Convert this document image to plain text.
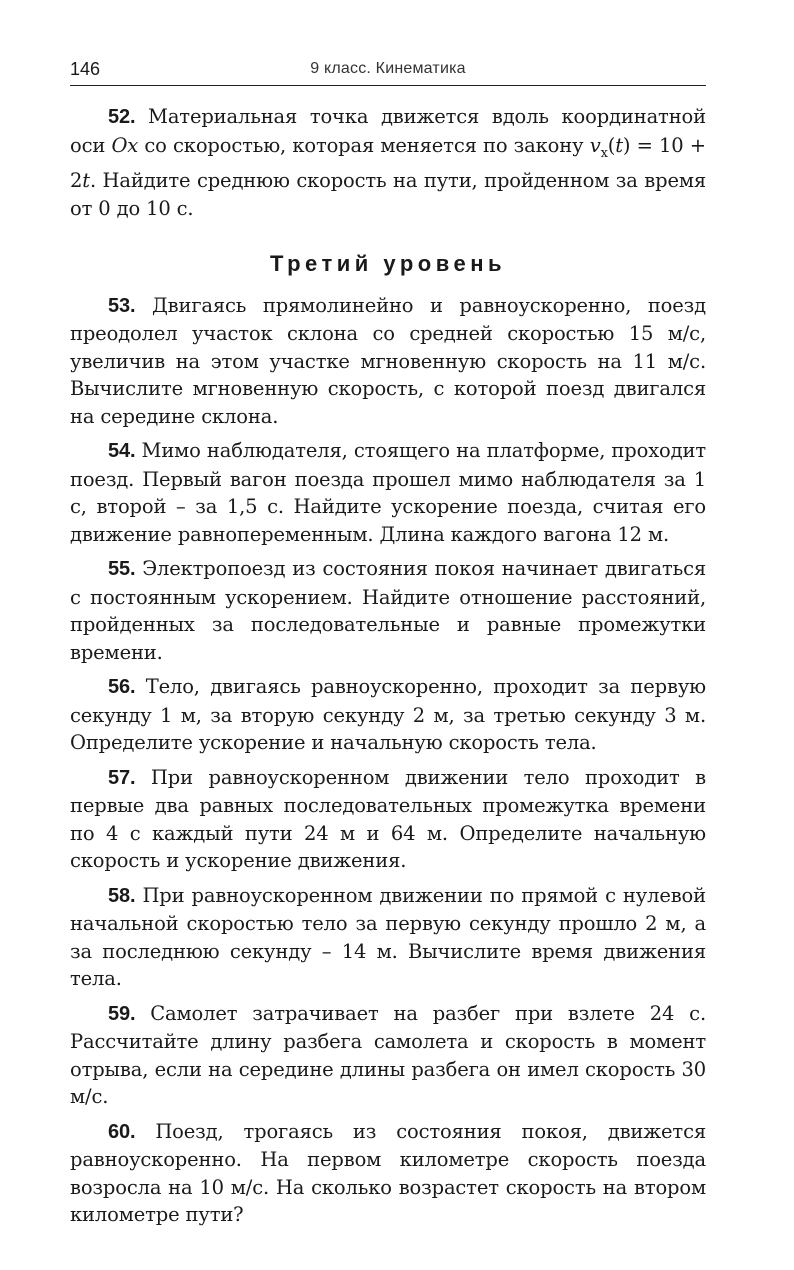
146	9 класс. Кинематика

52. Материальная точка движется вдоль координатной оси Ox со скоростью, которая меняется по закону $v_x(t) = 10 + 2t$. Найдите среднюю скорость на пути, пройденном за время от 0 до 10 с.

Третий уровень

53. Двигаясь прямолинейно и равноускоренно, поезд преодолел участок склона со средней скоростью 15 м/с, увеличив на этом участке мгновенную скорость на 11 м/с. Вычислите мгновенную скорость, с которой поезд двигался на середине склона.

54. Мимо наблюдателя, стоящего на платформе, проходит поезд. Первый вагон поезда прошел мимо наблюдателя за 1 с, второй – за 1,5 с. Найдите ускорение поезда, считая его движение равнопеременным. Длина каждого вагона 12 м.

55. Электропоезд из состояния покоя начинает двигаться с постоянным ускорением. Найдите отношение расстояний, пройденных за последовательные и равные промежутки времени.

56. Тело, двигаясь равноускоренно, проходит за первую секунду 1 м, за вторую секунду 2 м, за третью секунду 3 м. Определите ускорение и начальную скорость тела.

57. При равноускоренном движении тело проходит в первые два равных последовательных промежутка времени по 4 с каждый пути 24 м и 64 м. Определите начальную скорость и ускорение движения.

58. При равноускоренном движении по прямой с нулевой начальной скоростью тело за первую секунду прошло 2 м, а за последнюю секунду – 14 м. Вычислите время движения тела.

59. Самолет затрачивает на разбег при взлете 24 с. Рассчитайте длину разбега самолета и скорость в момент отрыва, если на середине длины разбега он имел скорость 30 м/с.

60. Поезд, трогаясь из состояния покоя, движется равноускоренно. На первом километре скорость поезда возросла на 10 м/с. На сколько возрастет скорость на втором километре пути?
